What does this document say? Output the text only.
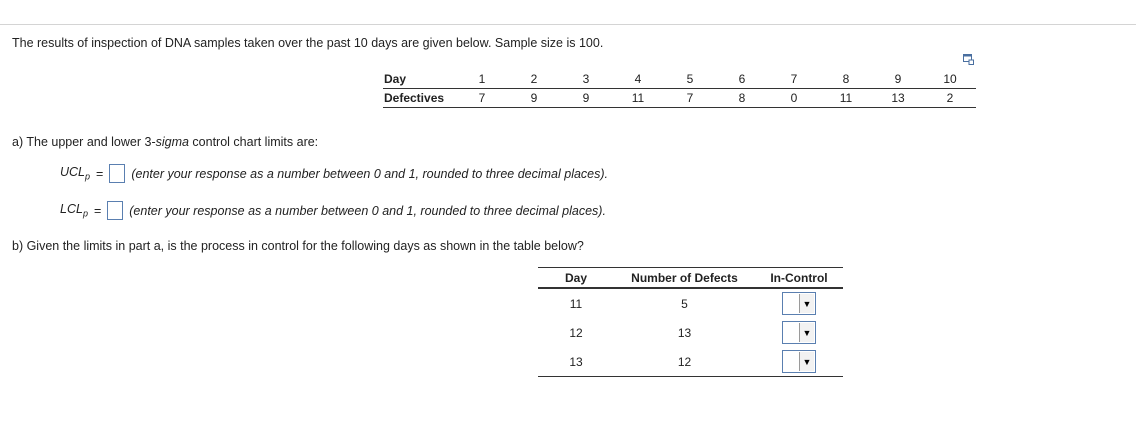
The results of inspection of DNA samples taken over the past 10 days are given below. Sample size is 100.
Day	1	2	3	4	5	6	7	8	9	10
Defectives	7	9	9	11	7	8	0	11	13	2
a) The upper and lower 3-sigma control chart limits are:
$UCL_p$ = (enter your response as a number between 0 and 1, rounded to three decimal places).
$LCL_p$ = (enter your response as a number between 0 and 1, rounded to three decimal places).
b) Given the limits in part a, is the process in control for the following days as shown in the table below?
Day	Number of Defects	In-Control
11	5	▼

12	13	▼

13	12	▼
